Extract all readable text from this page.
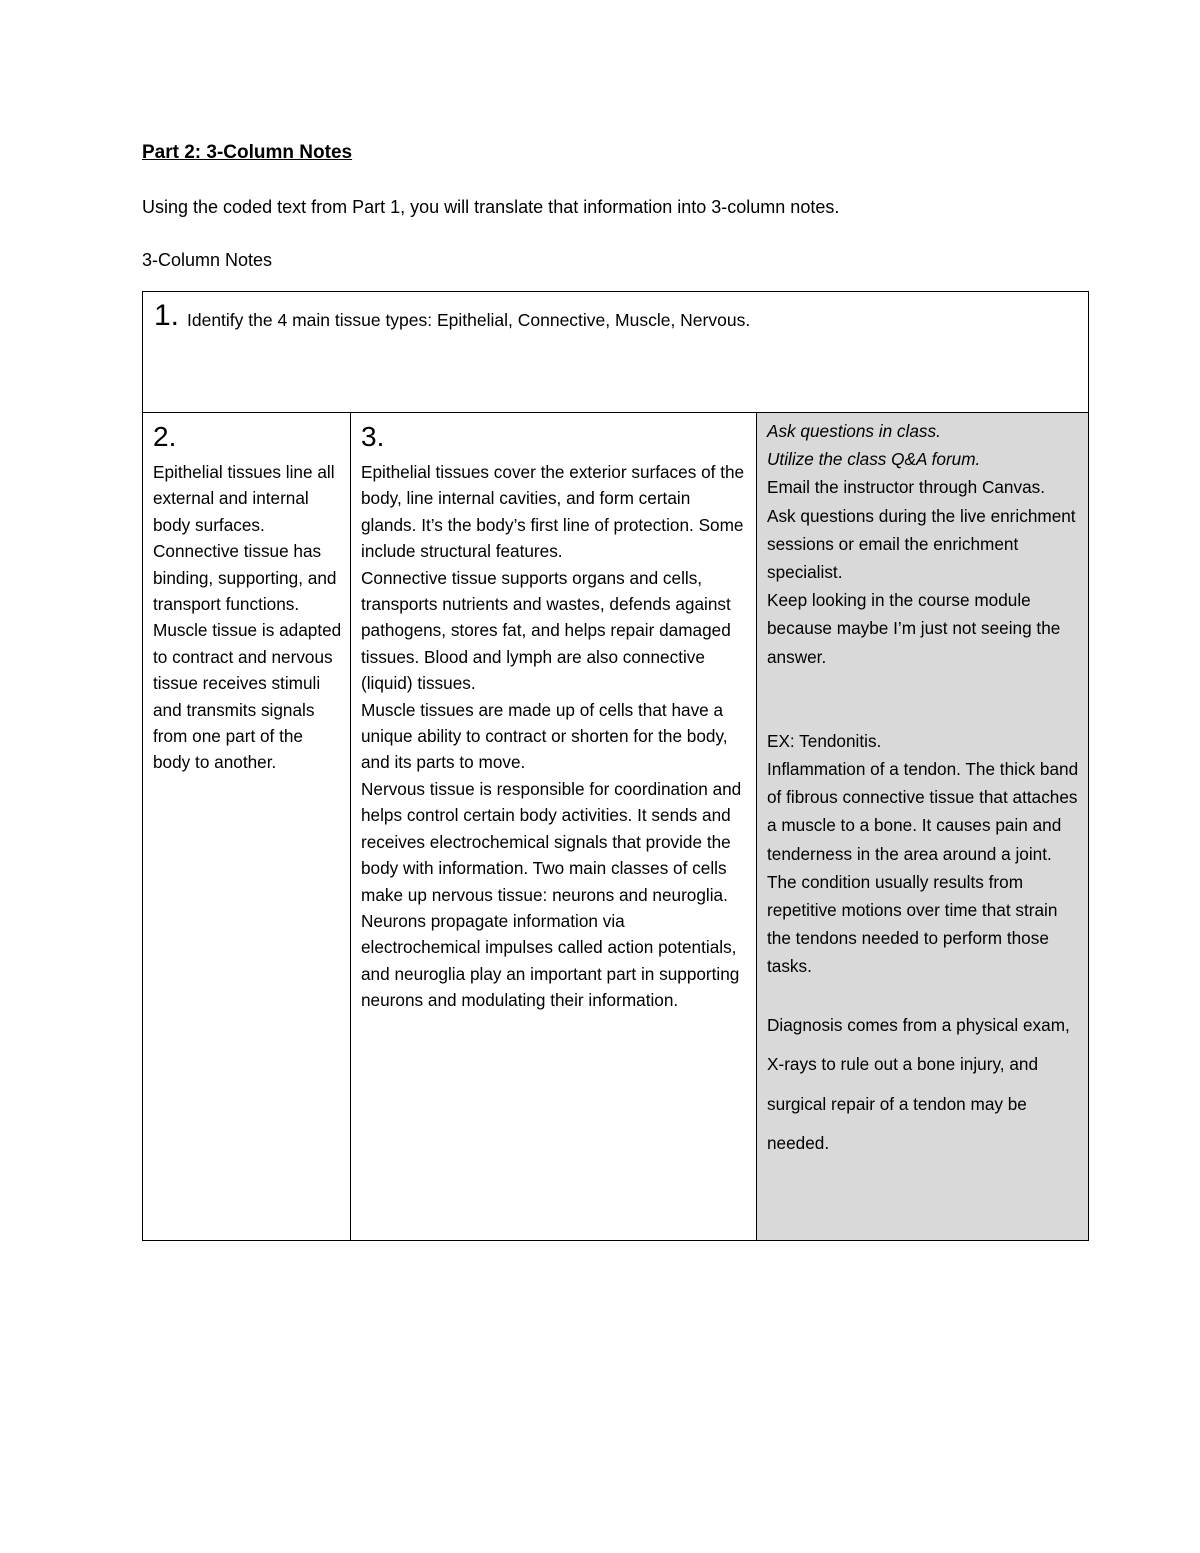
Part 2: 3-Column Notes
Using the coded text from Part 1, you will translate that information into 3-column notes.
3-Column Notes
1. Identify the 4 main tissue types: Epithelial, Connective, Muscle, Nervous.
2.

Epithelial tissues line all external and internal body surfaces.

Connective tissue has binding, supporting, and transport functions.

Muscle tissue is adapted to contract and nervous tissue receives stimuli and transmits signals from one part of the body to another.

3.

Epithelial tissues cover the exterior surfaces of the body, line internal cavities, and form certain glands. It’s the body’s first line of protection. Some include structural features.

Connective tissue supports organs and cells, transports nutrients and wastes, defends against pathogens, stores fat, and helps repair damaged tissues. Blood and lymph are also connective (liquid) tissues.

Muscle tissues are made up of cells that have a unique ability to contract or shorten for the body, and its parts to move.

Nervous tissue is responsible for coordination and helps control certain body activities. It sends and receives electrochemical signals that provide the body with information. Two main classes of cells make up nervous tissue: neurons and neuroglia. Neurons propagate information via electrochemical impulses called action potentials, and neuroglia play an important part in supporting neurons and modulating their information.

Ask questions in class.

Utilize the class Q&A forum.

Email the instructor through Canvas.

Ask questions during the live enrichment sessions or email the enrichment specialist.

Keep looking in the course module because maybe I’m just not seeing the answer.

EX: Tendonitis.

Inflammation of a tendon. The thick band of fibrous connective tissue that attaches a muscle to a bone. It causes pain and tenderness in the area around a joint. The condition usually results from repetitive motions over time that strain the tendons needed to perform those tasks.

Diagnosis comes from a physical exam, X-rays to rule out a bone injury, and surgical repair of a tendon may be needed.
